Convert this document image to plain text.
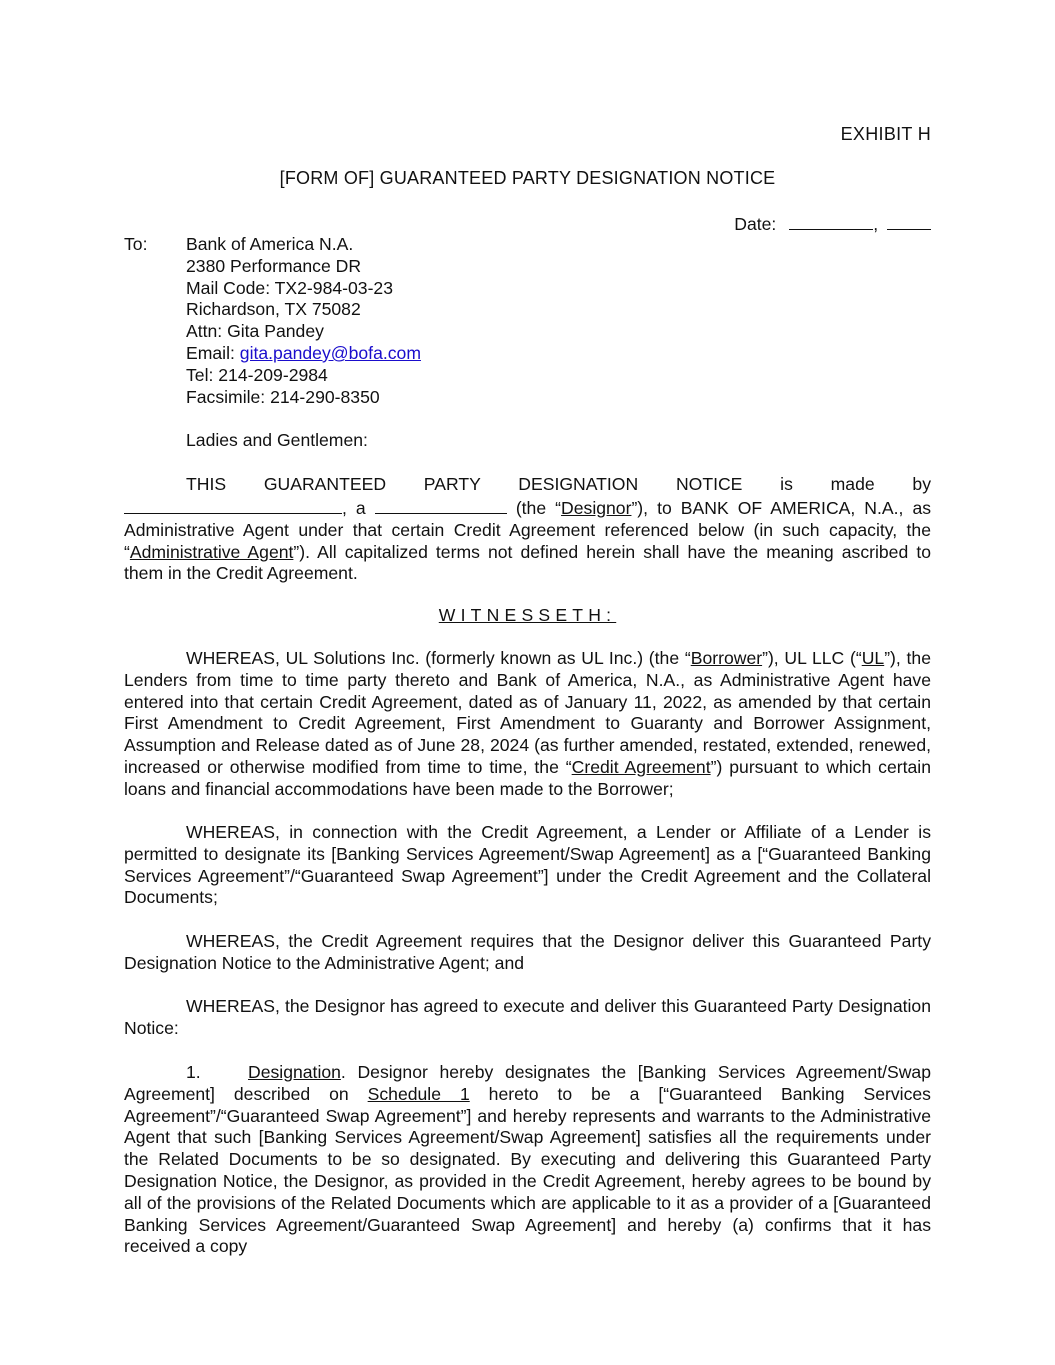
EXHIBIT H
[FORM OF] GUARANTEED PARTY DESIGNATION NOTICE
Date:	,
To: Bank of America N.A.
2380 Performance DR
Mail Code: TX2-984-03-23
Richardson, TX 75082
Attn: Gita Pandey
Email: gita.pandey@bofa.com
Tel: 214-209-2984
Facsimile: 214-290-8350
Ladies and Gentlemen:
THIS GUARANTEED PARTY DESIGNATION NOTICE is made by
, a	(the “Designor”), to BANK OF AMERICA, N.A., as Administrative Agent under that certain Credit Agreement referenced below (in such capacity, the “Administrative Agent”). All capitalized terms not defined herein shall have the meaning ascribed to them in the Credit Agreement.
WITNESSETH:
WHEREAS, UL Solutions Inc. (formerly known as UL Inc.) (the “Borrower”), UL LLC (“UL”), the Lenders from time to time party thereto and Bank of America, N.A., as Administrative Agent have entered into that certain Credit Agreement, dated as of January 11, 2022, as amended by that certain First Amendment to Credit Agreement, First Amendment to Guaranty and Borrower Assignment, Assumption and Release dated as of June 28, 2024 (as further amended, restated, extended, renewed, increased or otherwise modified from time to time, the “Credit Agreement”) pursuant to which certain loans and financial accommodations have been made to the Borrower;
WHEREAS, in connection with the Credit Agreement, a Lender or Affiliate of a Lender is permitted to designate its [Banking Services Agreement/Swap Agreement] as a [“Guaranteed Banking Services Agreement”/“Guaranteed Swap Agreement”] under the Credit Agreement and the Collateral Documents;
WHEREAS, the Credit Agreement requires that the Designor deliver this Guaranteed Party Designation Notice to the Administrative Agent; and
WHEREAS, the Designor has agreed to execute and deliver this Guaranteed Party Designation Notice:
1.	Designation. Designor hereby designates the [Banking Services Agreement/Swap Agreement] described on Schedule 1 hereto to be a [“Guaranteed Banking Services Agreement”/“Guaranteed Swap Agreement”] and hereby represents and warrants to the Administrative Agent that such [Banking Services Agreement/Swap Agreement] satisfies all the requirements under the Related Documents to be so designated. By executing and delivering this Guaranteed Party Designation Notice, the Designor, as provided in the Credit Agreement, hereby agrees to be bound by all of the provisions of the Related Documents which are applicable to it as a provider of a [Guaranteed Banking Services Agreement/Guaranteed Swap Agreement] and hereby (a) confirms that it has received a copy
